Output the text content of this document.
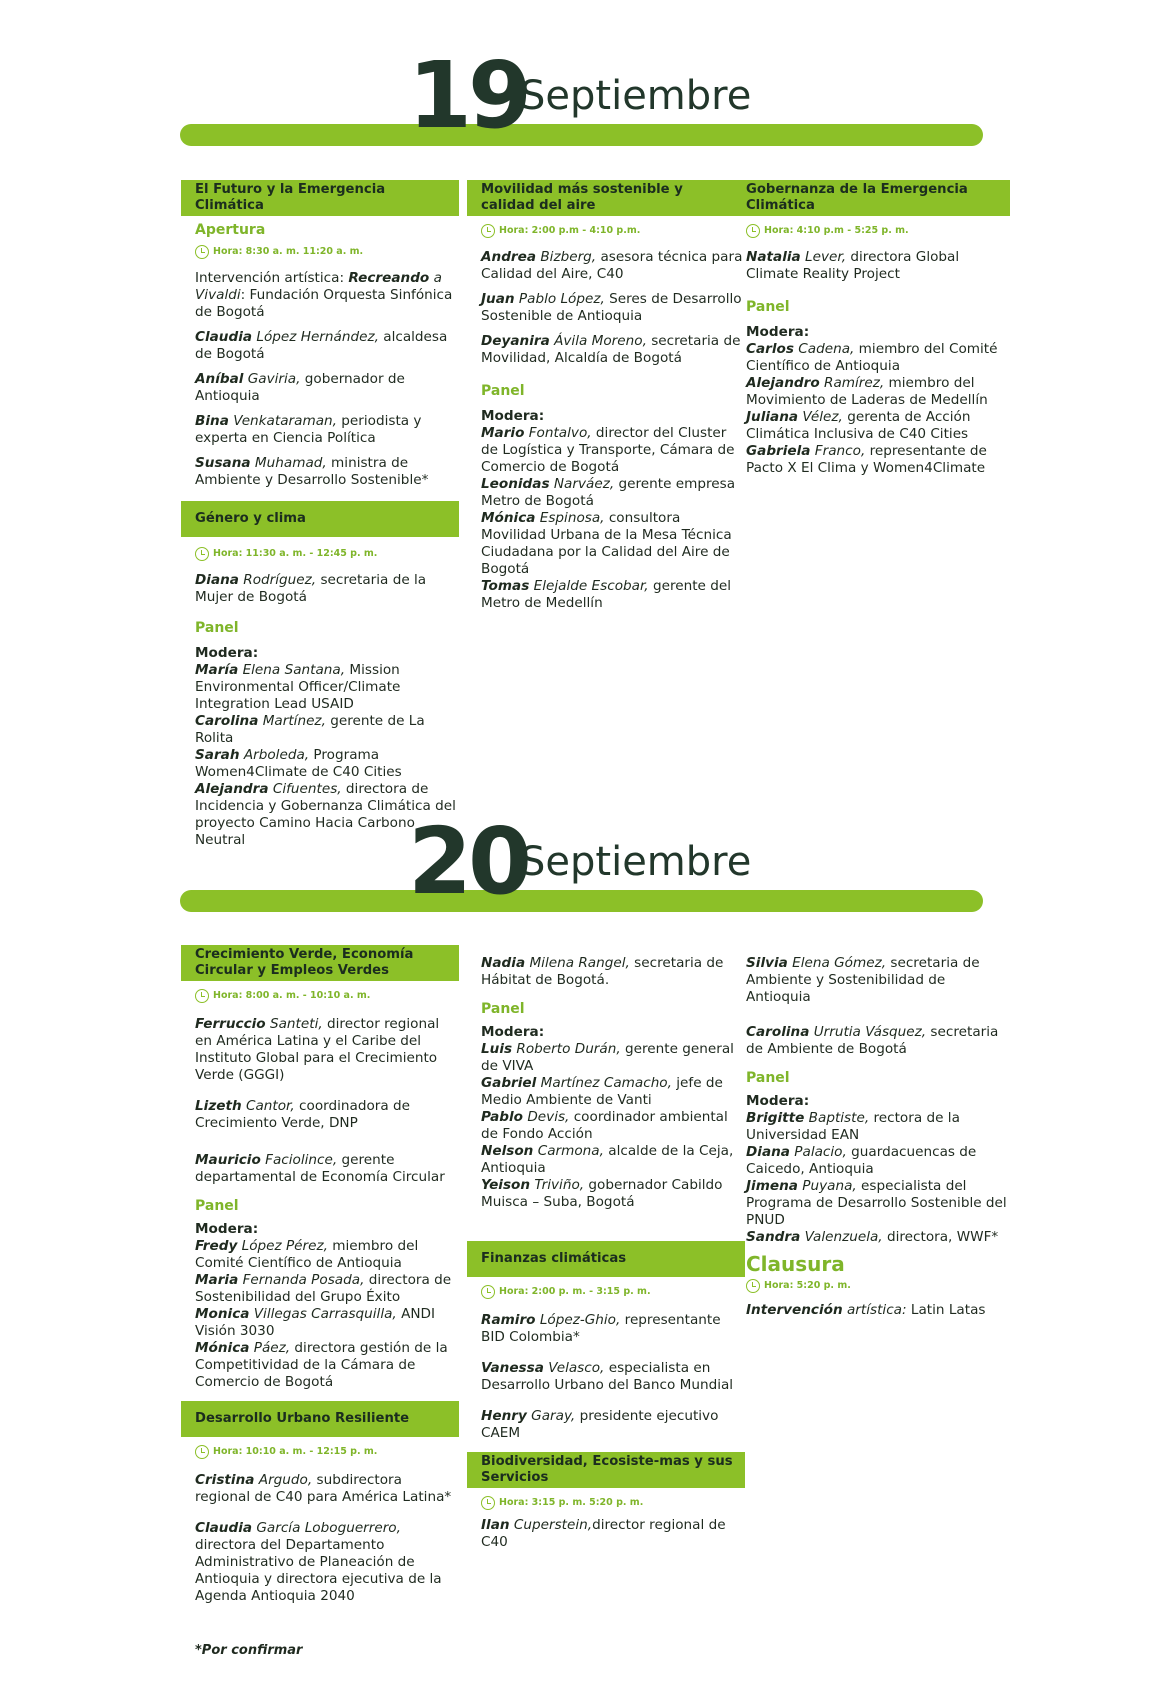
19
Septiembre
El Futuro y la Emergencia Climática
Apertura
Hora: 8:30 a. m. 11:20 a. m.
Intervención artística: Recreando a Vivaldi: Fundación Orquesta Sinfónica de Bogotá
Claudia López Hernández, alcaldesa de Bogotá
Aníbal Gaviria, gobernador de Antioquia
Bina Venkataraman, periodista y experta en Ciencia Política
Susana Muhamad, ministra de Ambiente y Desarrollo Sostenible*
Género y clima
Hora: 11:30 a. m. - 12:45 p. m.
Diana Rodríguez, secretaria de la Mujer de Bogotá
Panel
Modera:
María Elena Santana, Mission Environmental Officer/Climate Integration Lead USAID
Carolina Martínez, gerente de La Rolita
Sarah Arboleda, Programa Women4Climate de C40 Cities
Alejandra Cifuentes, directora de Incidencia y Gobernanza Climática del proyecto Camino Hacia Carbono Neutral
Movilidad más sostenible y calidad del aire
Hora: 2:00 p.m - 4:10 p.m.
Andrea Bizberg, asesora técnica para Calidad del Aire, C40
Juan Pablo López, Seres de Desarrollo Sostenible de Antioquia
Deyanira Ávila Moreno, secretaria de Movilidad, Alcaldía de Bogotá
Panel
Modera:
Mario Fontalvo, director del Cluster de Logística y Transporte, Cámara de Comercio de Bogotá
Leonidas Narváez, gerente empresa Metro de Bogotá
Mónica Espinosa, consultora Movilidad Urbana de la Mesa Técnica Ciudadana por la Calidad del Aire de Bogotá
Tomas Elejalde Escobar, gerente del Metro de Medellín
Gobernanza de la Emergencia Climática
Hora: 4:10 p.m - 5:25 p. m.
Natalia Lever, directora Global Climate Reality Project
Panel
Modera:
Carlos Cadena, miembro del Comité Científico de Antioquia
Alejandro Ramírez, miembro del Movimiento de Laderas de Medellín
Juliana Vélez, gerenta de Acción Climática Inclusiva de C40 Cities
Gabriela Franco, representante de Pacto X El Clima y Women4Climate
20
Septiembre
Crecimiento Verde, Economía Circular y Empleos Verdes
Hora: 8:00 a. m. - 10:10 a. m.
Ferruccio Santeti, director regional en América Latina y el Caribe del Instituto Global para el Crecimiento Verde (GGGI)
Lizeth Cantor, coordinadora de Crecimiento Verde, DNP
Mauricio Faciolince, gerente departamental de Economía Circular
Panel
Modera:
Fredy López Pérez, miembro del Comité Científico de Antioquia
Maria Fernanda Posada, directora de Sostenibilidad del Grupo Éxito
Monica Villegas Carrasquilla, ANDI Visión 3030
Mónica Páez, directora gestión de la Competitividad de la Cámara de Comercio de Bogotá
Desarrollo Urbano Resiliente
Hora: 10:10 a. m. - 12:15 p. m.
Cristina Argudo, subdirectora regional de C40 para América Latina*
Claudia García Loboguerrero, directora del Departamento Administrativo de Planeación de Antioquia y directora ejecutiva de la Agenda Antioquia 2040
Nadia Milena Rangel, secretaria de Hábitat de Bogotá.
Panel
Modera:
Luis Roberto Durán, gerente general de VIVA
Gabriel Martínez Camacho, jefe de Medio Ambiente de Vanti
Pablo Devis, coordinador ambiental de Fondo Acción
Nelson Carmona, alcalde de la Ceja, Antioquia
Yeison Triviño, gobernador Cabildo Muisca – Suba, Bogotá
Finanzas climáticas
Hora: 2:00 p. m. - 3:15 p. m.
Ramiro López-Ghio, representante BID Colombia*
Vanessa Velasco, especialista en Desarrollo Urbano del Banco Mundial
Henry Garay, presidente ejecutivo CAEM
Biodiversidad, Ecosiste-mas y sus Servicios
Hora: 3:15 p. m. 5:20 p. m.
Ilan Cuperstein,director regional de C40
Silvia Elena Gómez, secretaria de Ambiente y Sostenibilidad de Antioquia
Carolina Urrutia Vásquez, secretaria de Ambiente de Bogotá
Panel
Modera:
Brigitte Baptiste, rectora de la Universidad EAN
Diana Palacio, guardacuencas de Caicedo, Antioquia
Jimena Puyana, especialista del Programa de Desarrollo Sostenible del PNUD
Sandra Valenzuela, directora, WWF*
Clausura
Hora: 5:20 p. m.
Intervención artística: Latin Latas
*Por confirmar
